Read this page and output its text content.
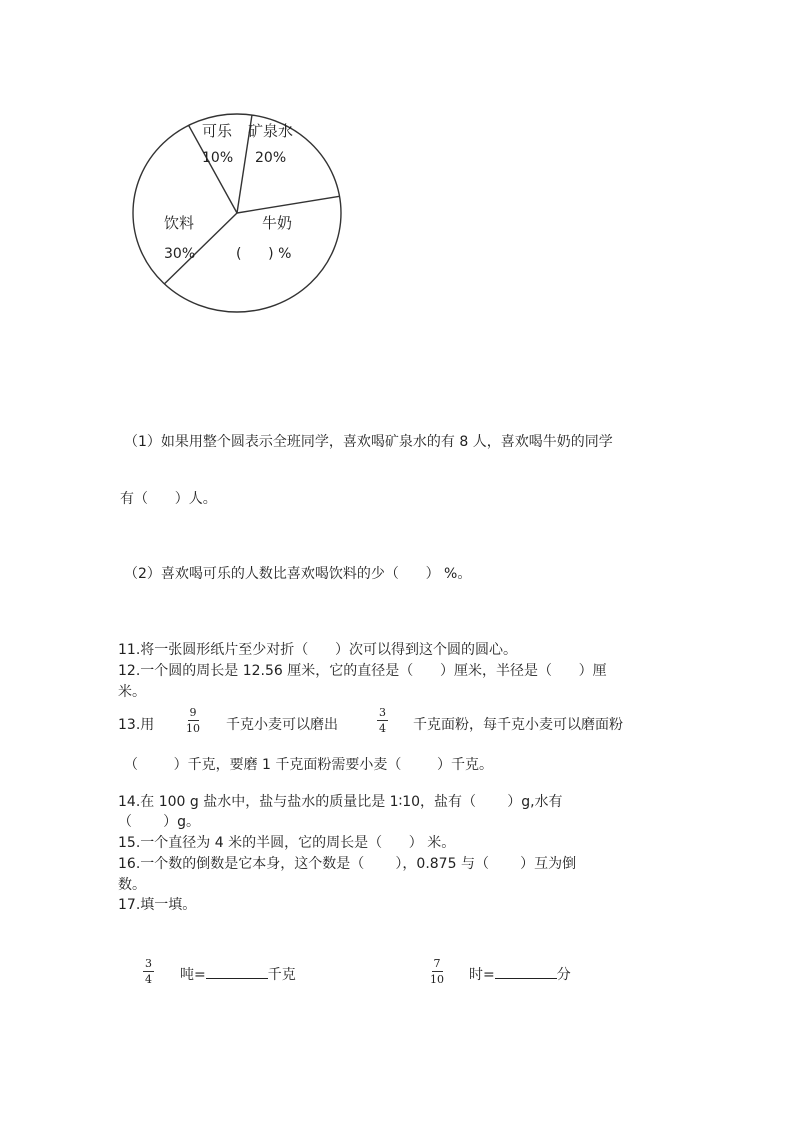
可乐
10%
矿泉水
20%
牛奶
(      ) %
饮料
30%
（1）如果用整个圆表示全班同学，喜欢喝矿泉水的有 8 人，喜欢喝牛奶的同学
有（      ）人。
（2）喜欢喝可乐的人数比喜欢喝饮料的少（      ） %。
11.将一张圆形纸片至少对折（      ）次可以得到这个圆的圆心。
12.一个圆的周长是 12.56 厘米，它的直径是（      ）厘米，半径是（      ）厘
米。
13.用	$\frac{9}{10}$ 千克小麦可以磨出	$\frac{3}{4}$ 千克面粉，每千克小麦可以磨面粉
（        ）千克，要磨 1 千克面粉需要小麦（        ）千克。
14.在 100 g 盐水中，盐与盐水的质量比是 1∶10，盐有（       ）g,水有
（       ）g。
15.一个直径为 4 米的半圆，它的周长是（      ） 米。
16.一个数的倒数是它本身，这个数是（       ），0.875 与（       ）互为倒
数。
17.填一填。
$\frac{3}{4}$ 吨=	千克	$\frac{7}{10}$ 时=	分
